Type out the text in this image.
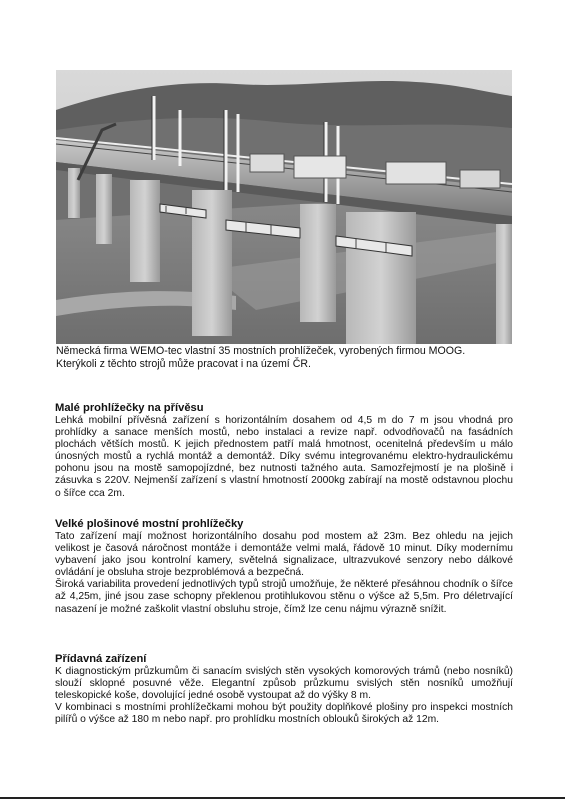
Německá firma WEMO-tec vlastní 35 mostních prohlížeček, vyrobených firmou MOOG.

Kterýkoli z těchto strojů může pracovat i na území ČR.

Malé prohlížečky na přívěsu

Lehká mobilní přívěsná zařízení s horizontálním dosahem od 4,5 m do 7 m jsou vhodná pro prohlídky a sanace menších mostů, nebo instalaci a revize např. odvodňovačů na fasádních plochách větších mostů. K jejich přednostem patří malá hmotnost, ocenitelná především u málo únosných mostů a rychlá montáž a demontáž. Díky svému integrovanému elektro-hydraulickému pohonu jsou na mostě samopojízdné, bez nutnosti tažného auta. Samozřejmostí je na plošině i zásuvka s 220V. Nejmenší zařízení s vlastní hmotností 2000kg zabírají na mostě odstavnou plochu o šířce cca 2m.

Velké plošinové mostní prohlížečky

Tato zařízení mají možnost horizontálního dosahu pod mostem až 23m. Bez ohledu na jejich velikost je časová náročnost montáže i demontáže velmi malá, řádově 10 minut. Díky modernímu vybavení jako jsou kontrolní kamery, světelná signalizace, ultrazvukové senzory nebo dálkové ovládání je obsluha stroje bezproblémová a bezpečná.

Široká variabilita provedení jednotlivých typů strojů umožňuje, že některé přesáhnou chodník o šířce až 4,25m, jiné jsou zase schopny překlenou protihlukovou stěnu o výšce až 5,5m. Pro déletrvající nasazení je možné zaškolit vlastní obsluhu stroje, čímž lze cenu nájmu výrazně snížit.

Přídavná zařízení

K diagnostickým průzkumům či sanacím svislých stěn vysokých komorových trámů (nebo nosníků) slouží sklopné posuvné věže. Elegantní způsob průzkumu svislých stěn nosníků umožňují teleskopické koše, dovolující jedné osobě vystoupat až do výšky 8 m.

V kombinaci s mostními prohlížečkami mohou být použity doplňkové plošiny pro inspekci mostních pilířů o výšce až 180 m nebo např. pro prohlídku mostních oblouků širokých až 12m.
